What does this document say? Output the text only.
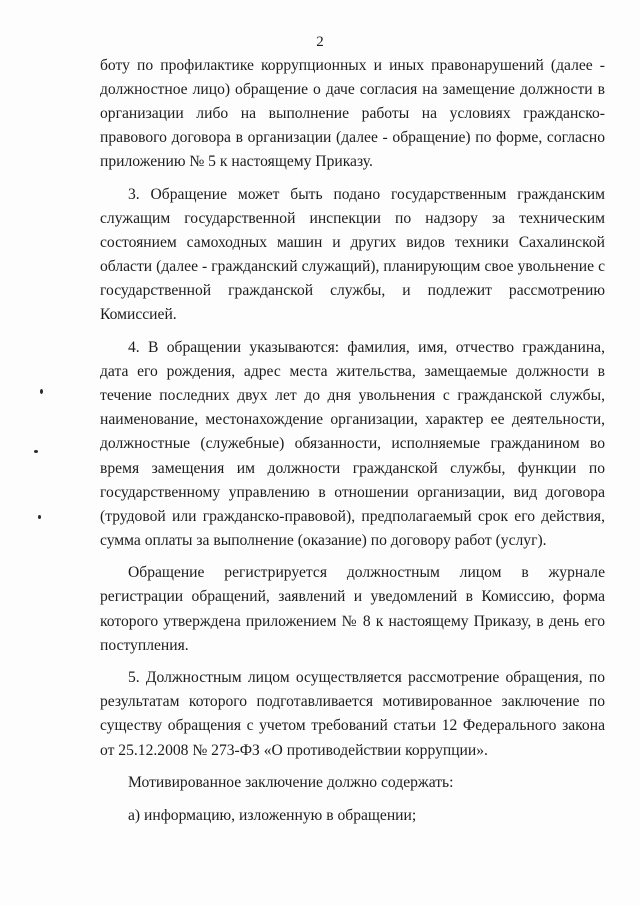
2

боту по профилактике коррупционных и иных правонарушений (далее - должностное лицо) обращение о даче согласия на замещение должности в организации либо на выполнение работы на условиях гражданско-правового договора в организации (далее - обращение) по форме, согласно приложению № 5 к настоящему Приказу.

3. Обращение может быть подано государственным гражданским служащим государственной инспекции по надзору за техническим состоянием самоходных машин и других видов техники Сахалинской области (далее - гражданский служащий), планирующим свое увольнение с государственной гражданской службы, и подлежит рассмотрению Комиссией.

4. В обращении указываются: фамилия, имя, отчество гражданина, дата его рождения, адрес места жительства, замещаемые должности в течение последних двух лет до дня увольнения с гражданской службы, наименование, местонахождение организации, характер ее деятельности, должностные (служебные) обязанности, исполняемые гражданином во время замещения им должности гражданской службы, функции по государственному управлению в отношении организации, вид договора (трудовой или гражданско-правовой), предполагаемый срок его действия, сумма оплаты за выполнение (оказание) по договору работ (услуг).

Обращение регистрируется должностным лицом в журнале регистрации обращений, заявлений и уведомлений в Комиссию, форма которого утверждена приложением № 8 к настоящему Приказу, в день его поступления.

5. Должностным лицом осуществляется рассмотрение обращения, по результатам которого подготавливается мотивированное заключение по существу обращения с учетом требований статьи 12 Федерального закона от 25.12.2008 № 273-ФЗ «О противодействии коррупции».

Мотивированное заключение должно содержать:

а) информацию, изложенную в обращении;
